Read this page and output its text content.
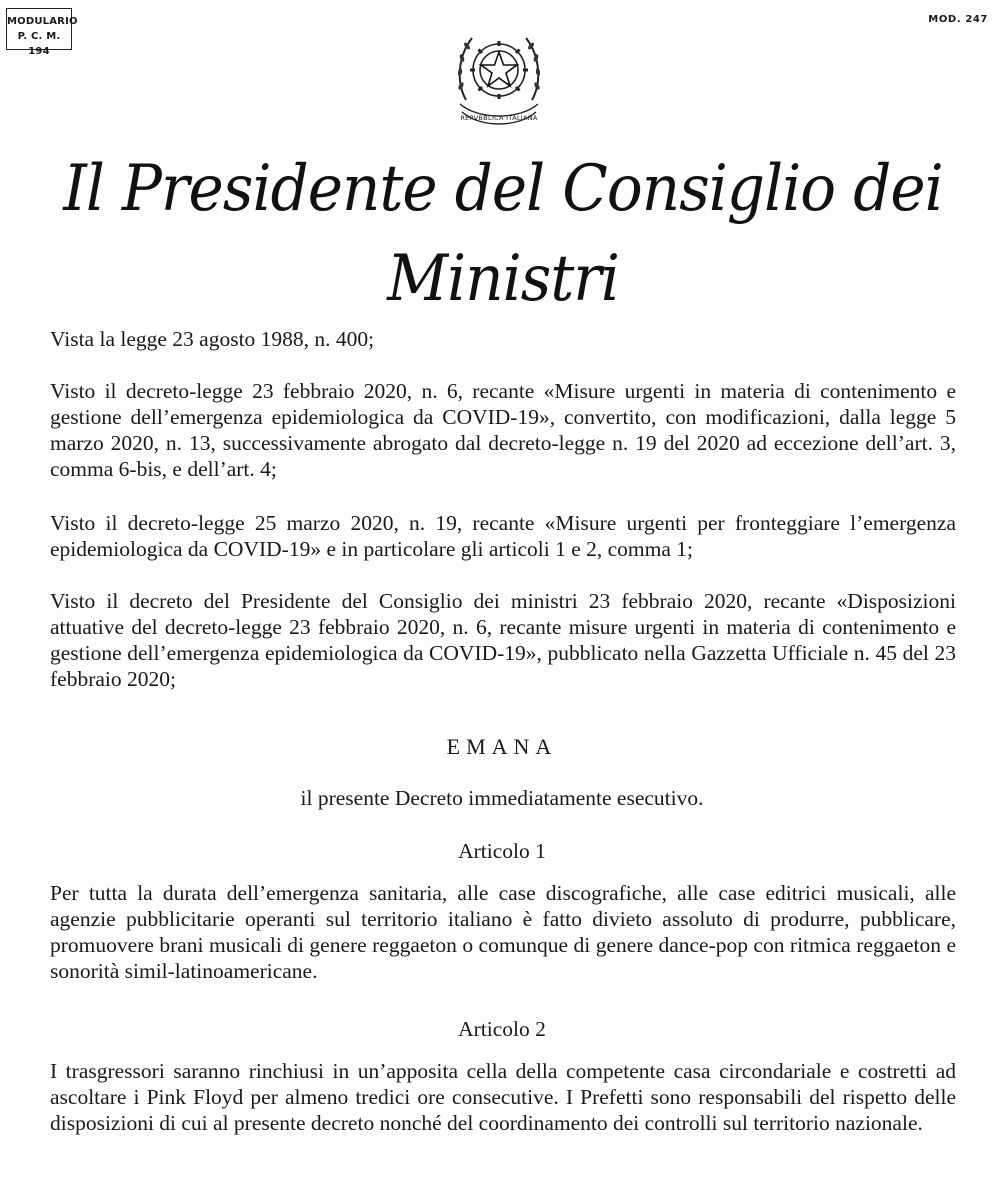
MODULARIO
P. C. M. 194
MOD. 247
REPVBBLICA ITALIANA
Il Presidente del Consiglio dei Ministri
Vista la legge 23 agosto 1988, n. 400;
Visto il decreto-legge 23 febbraio 2020, n. 6, recante «Misure urgenti in materia di contenimento e gestione dell’emergenza epidemiologica da COVID-19», convertito, con modificazioni, dalla legge 5 marzo 2020, n. 13, successivamente abrogato dal decreto-legge n. 19 del 2020 ad eccezione dell’art. 3, comma 6-bis, e dell’art. 4;
Visto il decreto-legge 25 marzo 2020, n. 19, recante «Misure urgenti per fronteggiare l’emergenza epidemiologica da COVID-19» e in particolare gli articoli 1 e 2, comma 1;
Visto il decreto del Presidente del Consiglio dei ministri 23 febbraio 2020, recante «Disposizioni attuative del decreto-legge 23 febbraio 2020, n. 6, recante misure urgenti in materia di contenimento e gestione dell’emergenza epidemiologica da COVID-19», pubblicato nella Gazzetta Ufficiale n. 45 del 23 febbraio 2020;
EMANA
il presente Decreto immediatamente esecutivo.
Articolo 1
Per tutta la durata dell’emergenza sanitaria, alle case discografiche, alle case editrici musicali, alle agenzie pubblicitarie operanti sul territorio italiano è fatto divieto assoluto di produrre, pubblicare, promuovere brani musicali di genere reggaeton o comunque di genere dance-pop con ritmica reggaeton e sonorità simil-latinoamericane.
Articolo 2
I trasgressori saranno rinchiusi in un’apposita cella della competente casa circondariale e costretti ad ascoltare i Pink Floyd per almeno tredici ore consecutive. I Prefetti sono responsabili del rispetto delle disposizioni di cui al presente decreto nonché del coordinamento dei controlli sul territorio nazionale.
